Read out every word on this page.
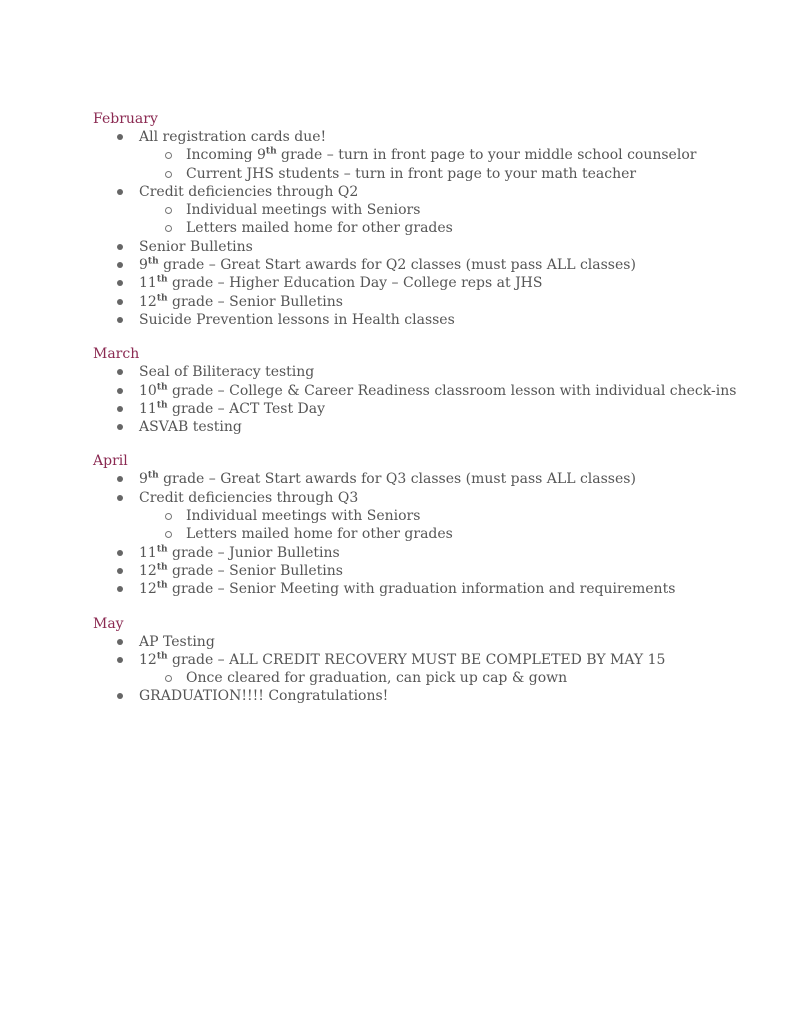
February
All registration cards due!
Incoming 9th grade – turn in front page to your middle school counselor
Current JHS students – turn in front page to your math teacher
Credit deficiencies through Q2
Individual meetings with Seniors
Letters mailed home for other grades
Senior Bulletins
9th grade – Great Start awards for Q2 classes (must pass ALL classes)
11th grade – Higher Education Day – College reps at JHS
12th grade – Senior Bulletins
Suicide Prevention lessons in Health classes
March
Seal of Biliteracy testing
10th grade – College & Career Readiness classroom lesson with individual check-ins
11th grade – ACT Test Day
ASVAB testing
April
9th grade – Great Start awards for Q3 classes (must pass ALL classes)
Credit deficiencies through Q3
Individual meetings with Seniors
Letters mailed home for other grades
11th grade – Junior Bulletins
12th grade – Senior Bulletins
12th grade – Senior Meeting with graduation information and requirements
May
AP Testing
12th grade – ALL CREDIT RECOVERY MUST BE COMPLETED BY MAY 15
Once cleared for graduation, can pick up cap & gown
GRADUATION!!!! Congratulations!
